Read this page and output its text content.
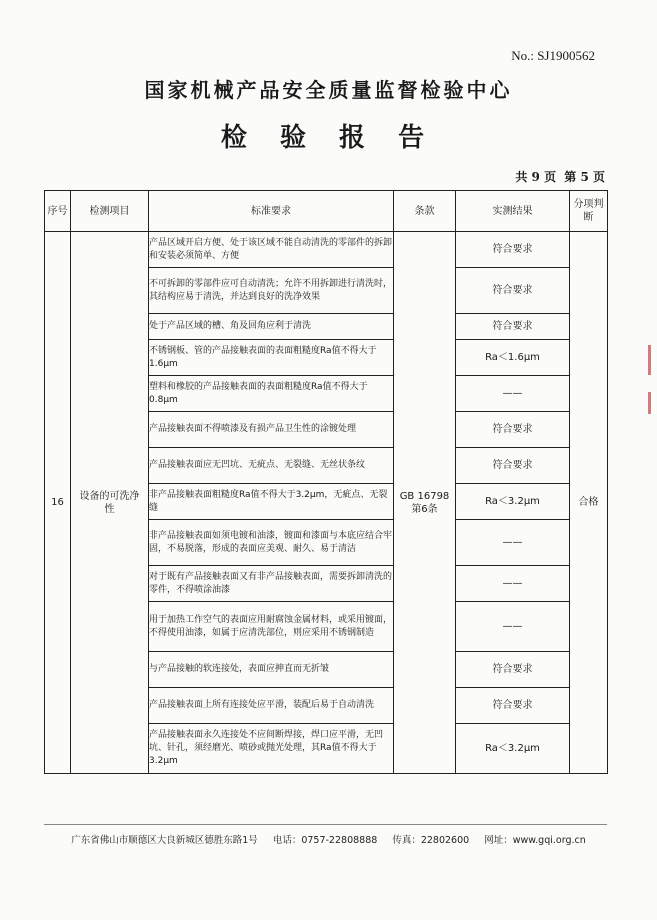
No.: SJ1900562
国家机械产品安全质量监督检验中心
检 验 报 告
共 9 页 第 5 页
序号	检测项目	标准要求	条款	实测结果	分项判断
16	设备的可洗净性	产品区域开启方便、处于该区域不能自动清洗的零部件的拆卸和安装必须简单、方便	GB 16798 第6条	符合要求	合格
		不可拆卸的零部件应可自动清洗；允许不用拆卸进行清洗时，其结构应易于清洗，并达到良好的洗净效果		符合要求	
		处于产品区域的槽、角及回角应利于清洗		符合要求	
		不锈钢板、管的产品接触表面的表面粗糙度Ra值不得大于1.6μm		Ra＜1.6μm	
		塑料和橡胶的产品接触表面的表面粗糙度Ra值不得大于0.8μm		——	
		产品接触表面不得喷漆及有损产品卫生性的涂镀处理		符合要求	
		产品接触表面应无凹坑、无疵点、无裂缝、无丝状条纹		符合要求	
		非产品接触表面粗糙度Ra值不得大于3.2μm，无疵点、无裂缝		Ra＜3.2μm	
		非产品接触表面如须电镀和油漆，镀面和漆面与本底应结合牢固，不易脱落，形成的表面应美观、耐久、易于清洁		——	
		对于既有产品接触表面又有非产品接触表面，需要拆卸清洗的零件，不得喷涂油漆		——	
		用于加热工作空气的表面应用耐腐蚀金属材料，或采用镀面，不得使用油漆，如属于应清洗部位，则应采用不锈钢制造		——	
		与产品接触的软连接处，表面应抻直而无折皱		符合要求	
		产品接触表面上所有连接处应平滑，装配后易于自动清洗		符合要求	
		产品接触表面永久连接处不应间断焊接，焊口应平滑，无凹坑、针孔，须经磨光、喷砂或抛光处理，其Ra值不得大于3.2μm		Ra＜3.2μm	
广东省佛山市顺德区大良新城区德胜东路1号 电话：0757-22808888 传真：22802600 网址：www.gqi.org.cn
